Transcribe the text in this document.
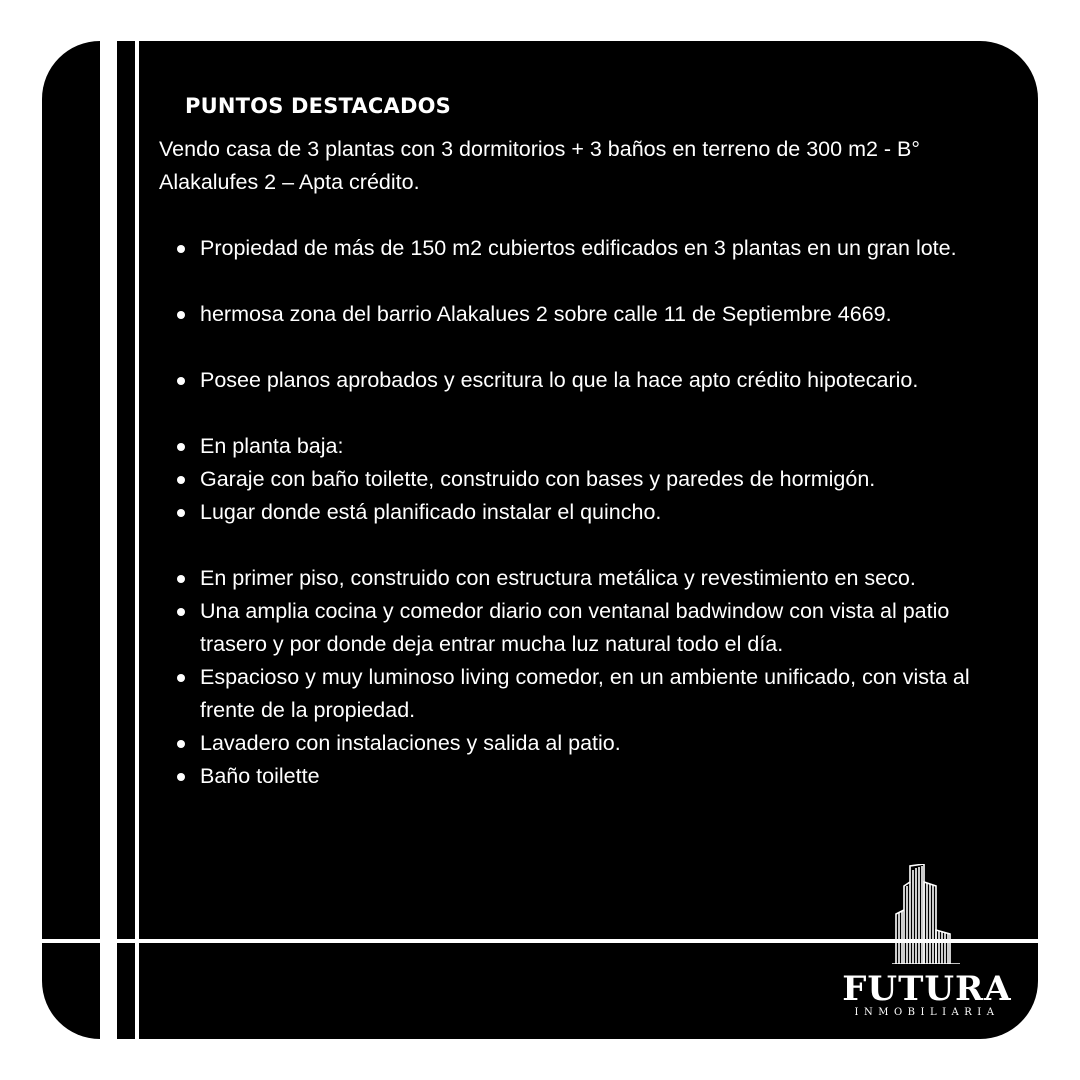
PUNTOS DESTACADOS

Vendo casa de 3 plantas con 3 dormitorios + 3 baños en terreno de 300 m2 - B° Alakalufes 2 – Apta crédito.

Propiedad de más de 150 m2 cubiertos edificados en 3 plantas en un gran lote.
hermosa zona del barrio Alakalues 2 sobre calle 11 de Septiembre 4669.
Posee planos aprobados y escritura lo que la hace apto crédito hipotecario.
En planta baja:
Garaje con baño toilette, construido con bases y paredes de hormigón.
Lugar donde está planificado instalar el quincho.
En primer piso, construido con estructura metálica y revestimiento en seco.
Una amplia cocina y comedor diario con ventanal badwindow con vista al patio trasero y por donde deja entrar mucha luz natural todo el día.
Espacioso y muy luminoso living comedor, en un ambiente unificado, con vista al frente de la propiedad.
Lavadero con instalaciones y salida al patio.
Baño toilette
FUTURA
INMOBILIARIA
